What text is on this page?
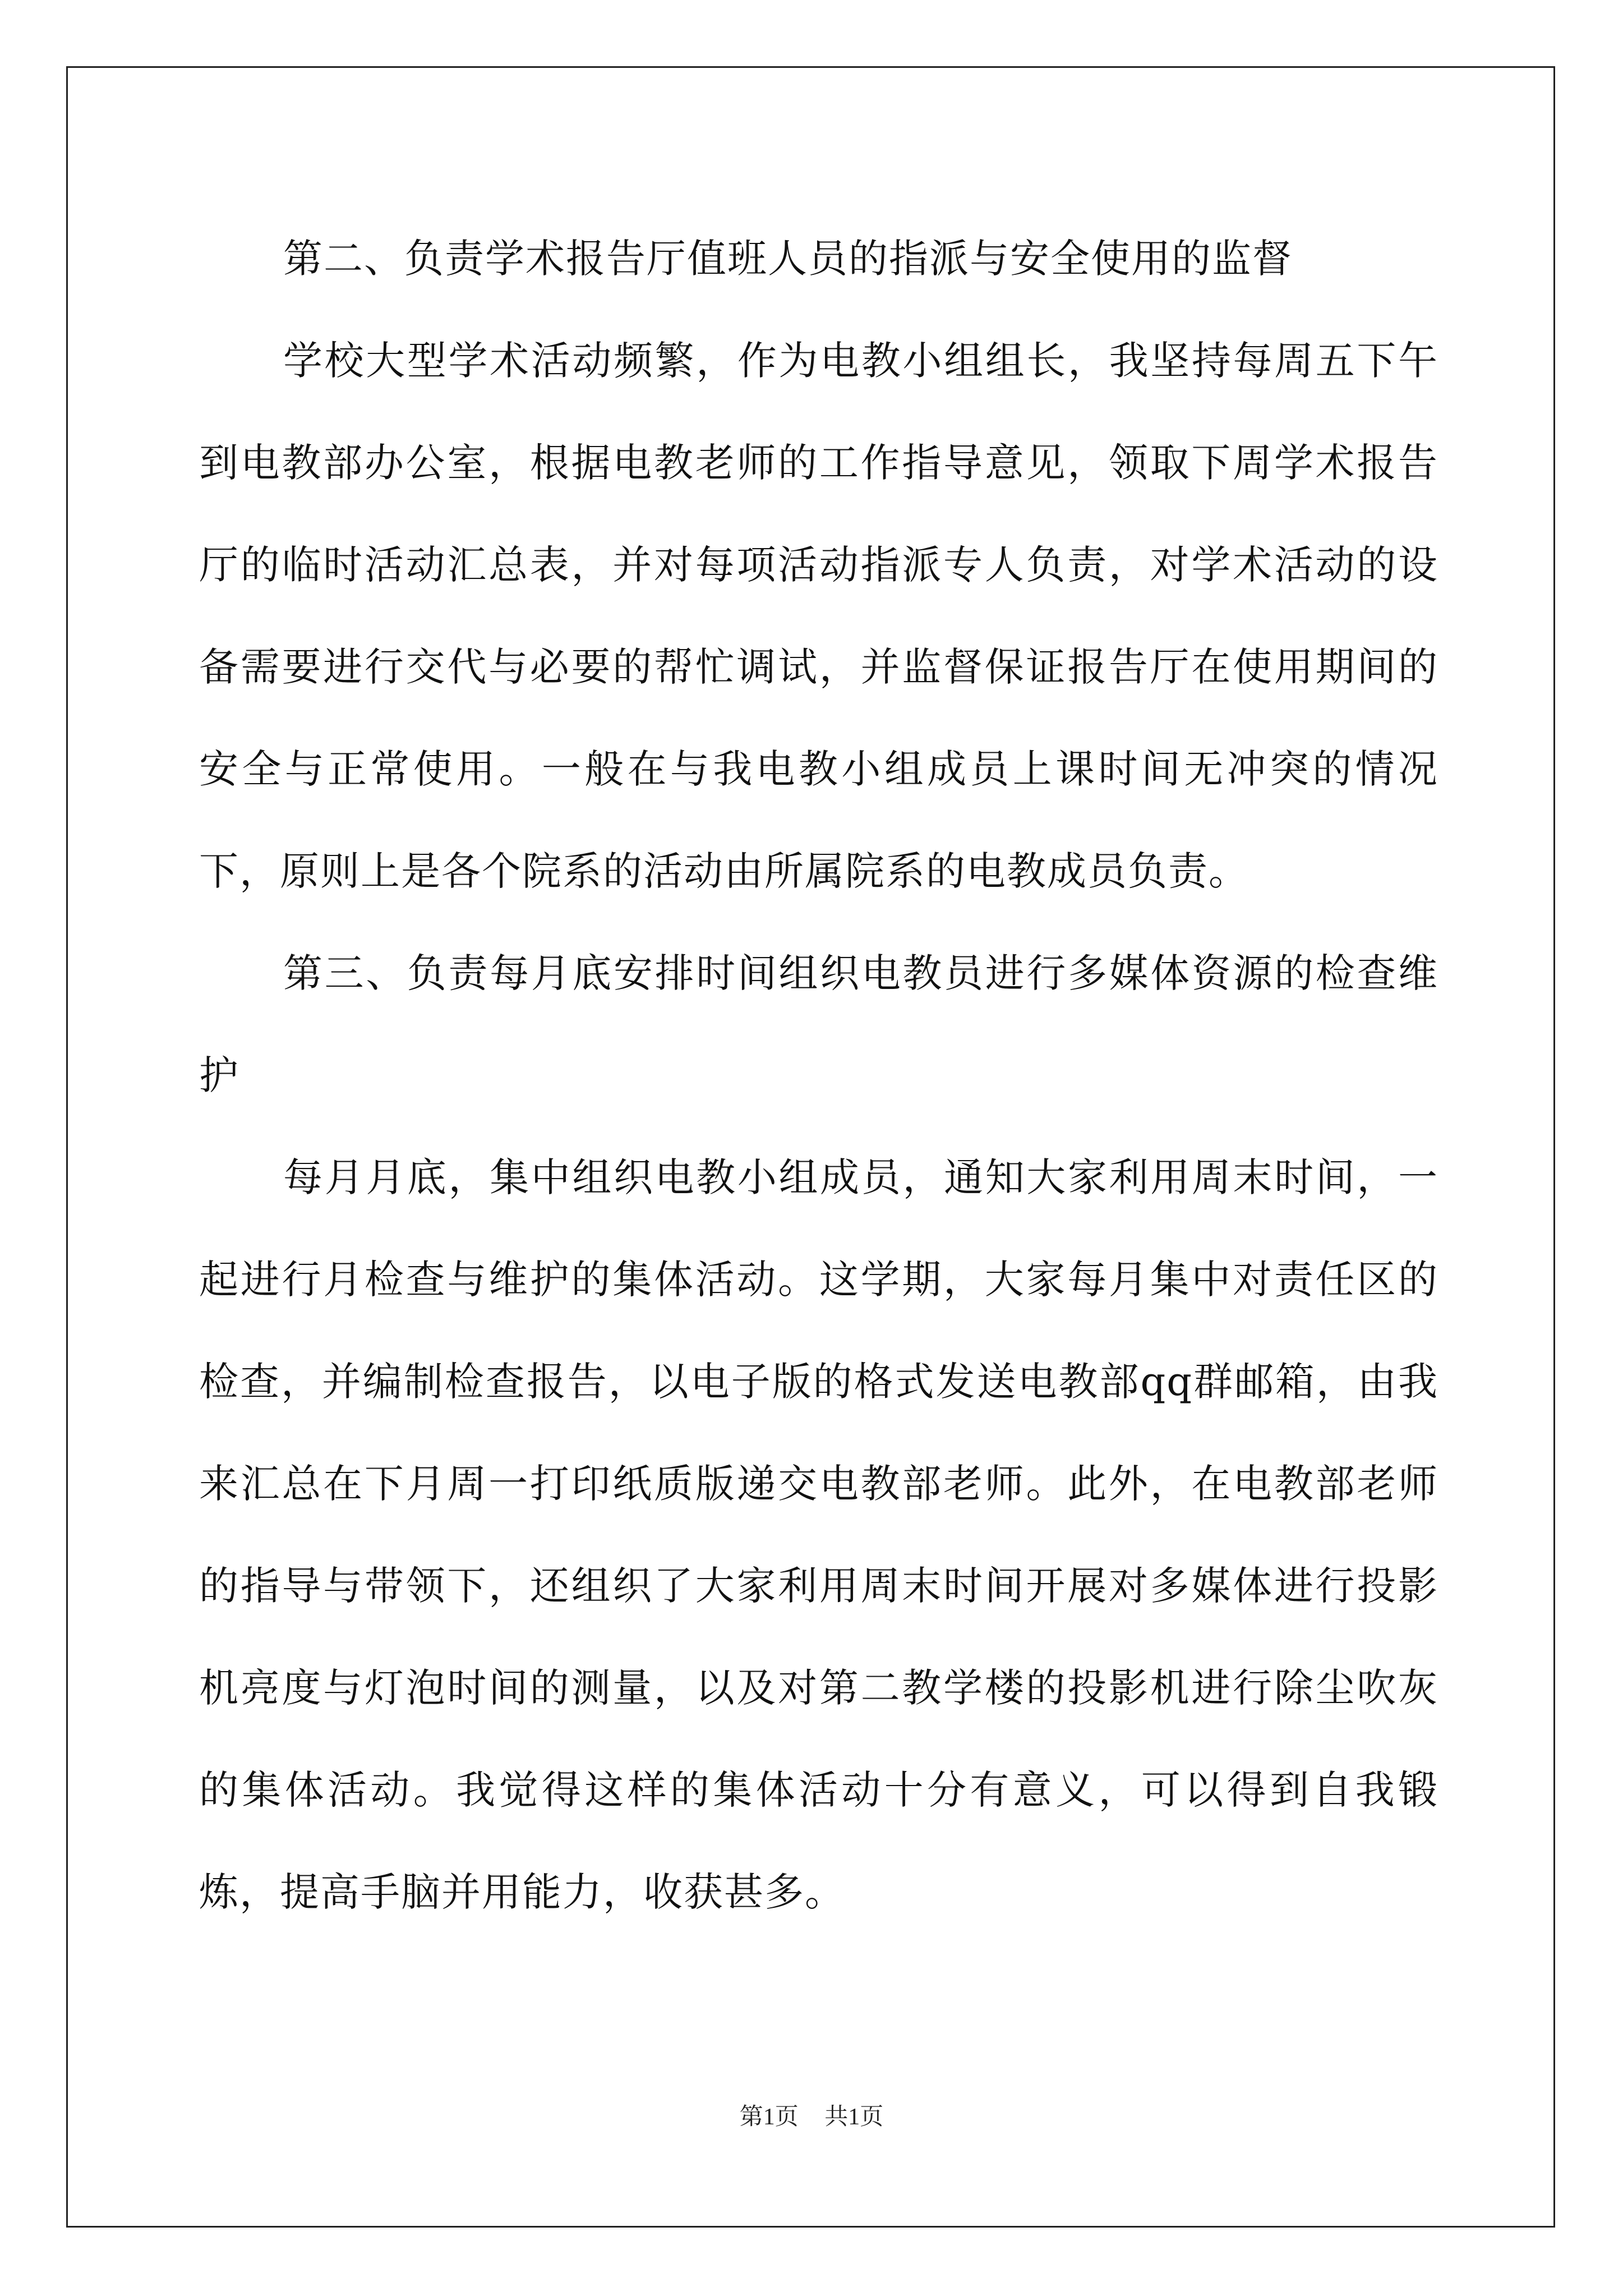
第二、负责学术报告厅值班人员的指派与安全使用的监督

学校大型学术活动频繁，作为电教小组组长，我坚持每周五下午到电教部办公室，根据电教老师的工作指导意见，领取下周学术报告厅的临时活动汇总表，并对每项活动指派专人负责，对学术活动的设备需要进行交代与必要的帮忙调试，并监督保证报告厅在使用期间的安全与正常使用。一般在与我电教小组成员上课时间无冲突的情况下，原则上是各个院系的活动由所属院系的电教成员负责。

第三、负责每月底安排时间组织电教员进行多媒体资源的检查维护

每月月底，集中组织电教小组成员，通知大家利用周末时间，一起进行月检查与维护的集体活动。这学期，大家每月集中对责任区的检查，并编制检查报告，以电子版的格式发送电教部qq群邮箱，由我来汇总在下月周一打印纸质版递交电教部老师。此外，在电教部老师的指导与带领下，还组织了大家利用周末时间开展对多媒体进行投影机亮度与灯泡时间的测量，以及对第二教学楼的投影机进行除尘吹灰的集体活动。我觉得这样的集体活动十分有意义，可以得到自我锻炼，提高手脑并用能力，收获甚多。

第1页 共1页
